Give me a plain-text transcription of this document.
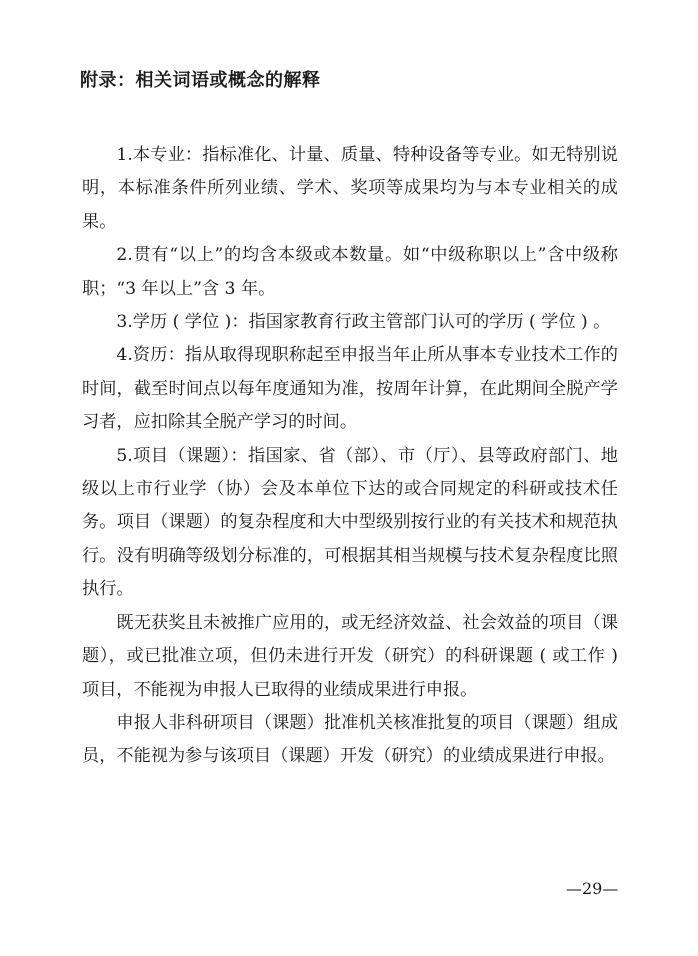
附录：相关词语或概念的解释

1.本专业：指标准化、计量、质量、特种设备等专业。如无特别说明，本标准条件所列业绩、学术、奖项等成果均为与本专业相关的成果。

2.贯有“以上”的均含本级或本数量。如“中级称职以上”含中级称职；“3 年以上”含 3 年。

3.学历 ( 学位 )：指国家教育行政主管部门认可的学历 ( 学位 ) 。

4.资历：指从取得现职称起至申报当年止所从事本专业技术工作的时间，截至时间点以每年度通知为准，按周年计算，在此期间全脱产学习者，应扣除其全脱产学习的时间。

5.项目（课题）：指国家、省（部）、市（厅）、县等政府部门、地级以上市行业学（协）会及本单位下达的或合同规定的科研或技术任务。项目（课题）的复杂程度和大中型级别按行业的有关技术和规范执行。没有明确等级划分标准的，可根据其相当规模与技术复杂程度比照执行。

既无获奖且未被推广应用的，或无经济效益、社会效益的项目（课题），或已批准立项，但仍未进行开发（研究）的科研课题 ( 或工作 ) 项目，不能视为申报人已取得的业绩成果进行申报。

申报人非科研项目（课题）批准机关核准批复的项目（课题）组成员，不能视为参与该项目（课题）开发（研究）的业绩成果进行申报。

—29—
